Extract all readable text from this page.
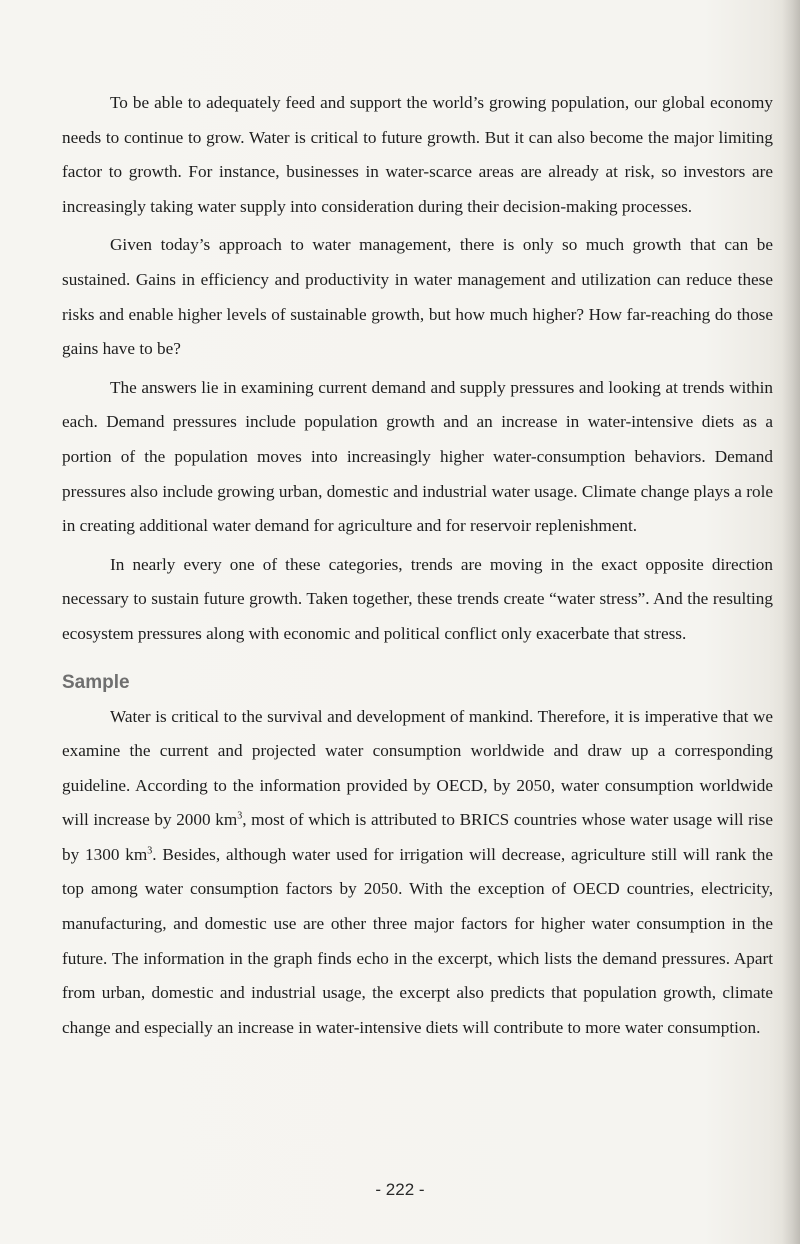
To be able to adequately feed and support the world’s growing population, our global economy needs to continue to grow. Water is critical to future growth. But it can also become the major limiting factor to growth. For instance, businesses in water-scarce areas are already at risk, so investors are increasingly taking water supply into consideration during their decision-making processes.

Given today’s approach to water management, there is only so much growth that can be sustained. Gains in efficiency and productivity in water management and utilization can reduce these risks and enable higher levels of sustainable growth, but how much higher? How far-reaching do those gains have to be?

The answers lie in examining current demand and supply pressures and looking at trends within each. Demand pressures include population growth and an increase in water-intensive diets as a portion of the population moves into increasingly higher water-consumption behaviors. Demand pressures also include growing urban, domestic and industrial water usage. Climate change plays a role in creating additional water demand for agriculture and for reservoir replenishment.

In nearly every one of these categories, trends are moving in the exact opposite direction necessary to sustain future growth. Taken together, these trends create “water stress”. And the resulting ecosystem pressures along with economic and political conflict only exacerbate that stress.

Sample

Water is critical to the survival and development of mankind. Therefore, it is imperative that we examine the current and projected water consumption worldwide and draw up a corresponding guideline. According to the information provided by OECD, by 2050, water consumption worldwide will increase by 2000 $km^3$, most of which is attributed to BRICS countries whose water usage will rise by 1300 $km^3$. Besides, although water used for irrigation will decrease, agriculture still will rank the top among water consumption factors by 2050. With the exception of OECD countries, electricity, manufacturing, and domestic use are other three major factors for higher water consumption in the future. The information in the graph finds echo in the excerpt, which lists the demand pressures. Apart from urban, domestic and industrial usage, the excerpt also predicts that population growth, climate change and especially an increase in water-intensive diets will contribute to more water consumption.

- 222 -
